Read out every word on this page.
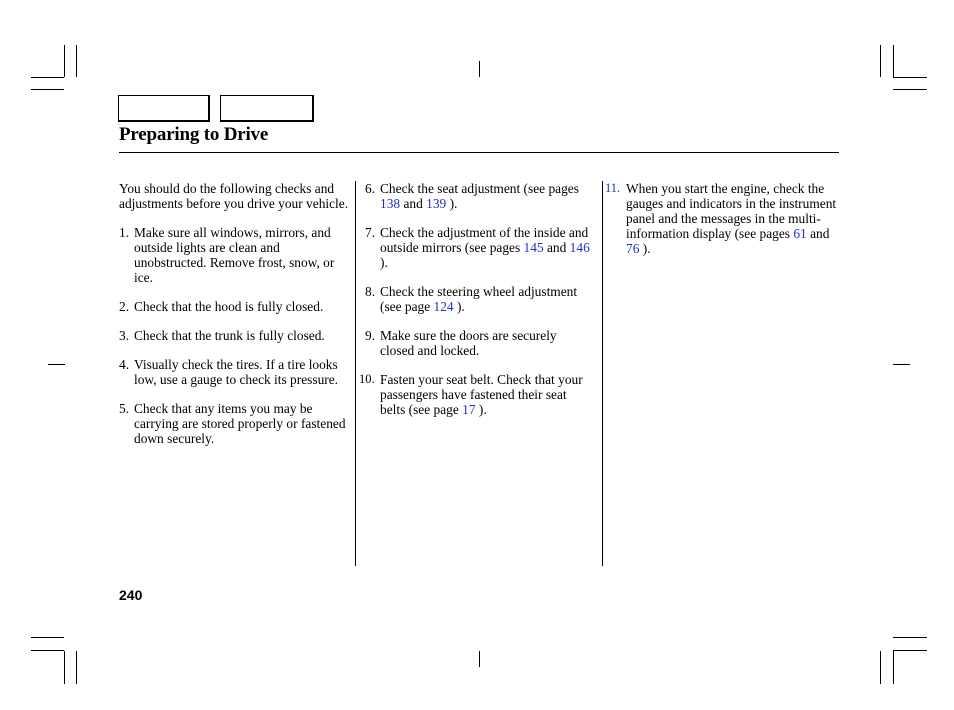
Preparing to Drive

You should do the following checks and adjustments before you drive your vehicle.

1. Make sure all windows, mirrors, and outside lights are clean and unobstructed. Remove frost, snow, or ice.
2. Check that the hood is fully closed.
3. Check that the trunk is fully closed.
4. Visually check the tires. If a tire looks low, use a gauge to check its pressure.
5. Check that any items you may be carrying are stored properly or fastened down securely.
6. Check the seat adjustment (see pages 138 and 139 ).
7. Check the adjustment of the inside and outside mirrors (see pages 145 and 146 ).
8. Check the steering wheel adjustment (see page 124 ).
9. Make sure the doors are securely closed and locked.
10. Fasten your seat belt. Check that your passengers have fastened their seat belts (see page 17 ).
11. When you start the engine, check the gauges and indicators in the instrument panel and the messages in the multi-information display (see pages 61 and 76 ).
240
